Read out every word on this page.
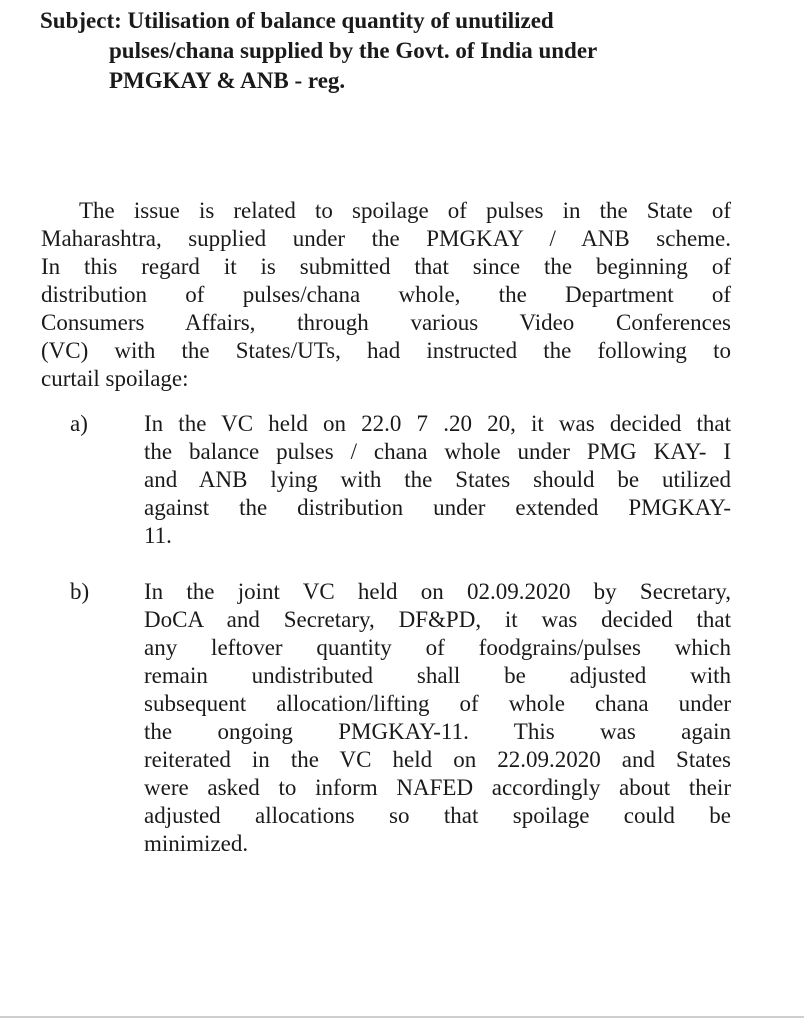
Subject: Utilisation of balance quantity of unutilized
pulses/chana supplied by the Govt. of India under
PMGKAY & ANB - reg.
The issue is related to spoilage of pulses in the State of
Maharashtra, supplied under the PMGKAY / ANB scheme.
In this regard it is submitted that since the beginning of
distribution of pulses/chana whole, the Department of
Consumers Affairs, through various Video Conferences
(VC) with the States/UTs, had instructed the following to
curtail spoilage:
a) In the VC held on 22.0 7 .20 20, it was decided that
the balance pulses / chana whole under PMG KAY- I
and ANB lying with the States should be utilized
against the distribution under extended PMGKAY-
11.
b) In the joint VC held on 02.09.2020 by Secretary,
DoCA and Secretary, DF&PD, it was decided that
any leftover quantity of foodgrains/pulses which
remain undistributed shall be adjusted with
subsequent allocation/lifting of whole chana under
the ongoing PMGKAY-11. This was again
reiterated in the VC held on 22.09.2020 and States
were asked to inform NAFED accordingly about their
adjusted allocations so that spoilage could be
minimized.
